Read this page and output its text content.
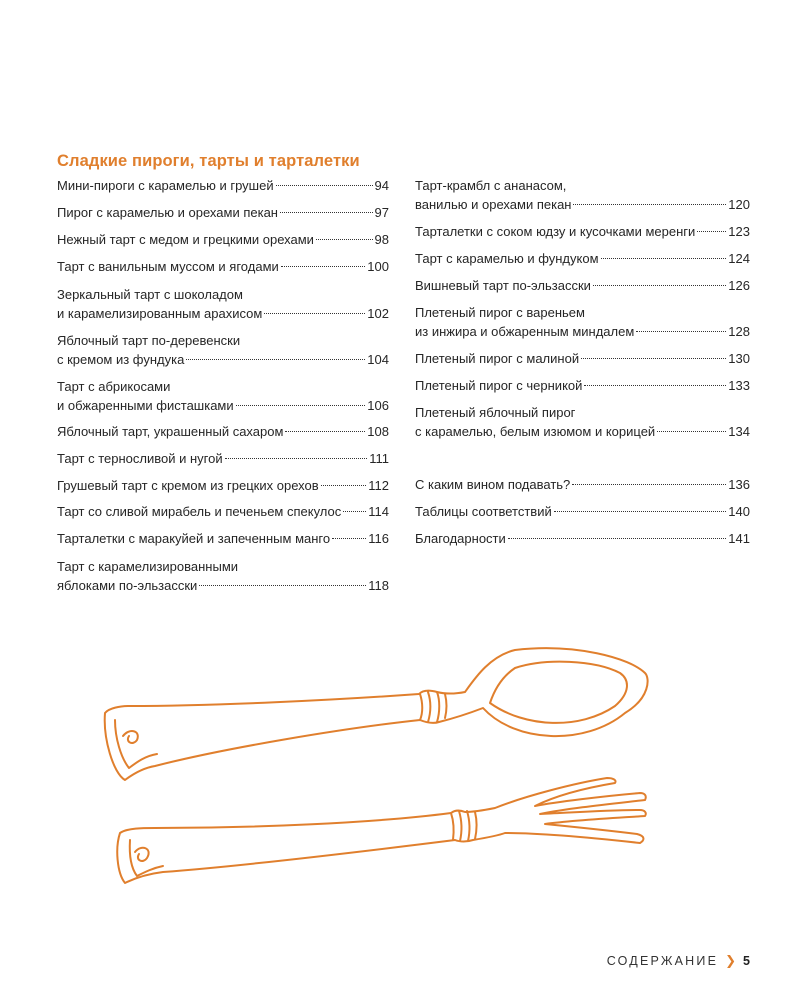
Сладкие пироги, тарты и тарталетки
Мини-пироги с карамелью и грушей	94
Пирог с карамелью и орехами пекан	97
Нежный тарт с медом и грецкими орехами	98
Тарт с ванильным муссом и ягодами	100
Зеркальный тарт с шоколадом
и карамелизированным арахисом	102
Яблочный тарт по-деревенски
с кремом из фундука	104
Тарт с абрикосами
и обжаренными фисташками	106
Яблочный тарт, украшенный сахаром	108
Тарт с терносливой и нугой	111
Грушевый тарт с кремом из грецких орехов	112
Тарт со сливой мирабель и печеньем спекулос 114
Тарталетки с маракуйей и запеченным манго	116
Тарт с карамелизированными
яблоками по-эльзасски	118
Тарт-крамбл с ананасом,
ванилью и орехами пекан	120
Тарталетки с соком юдзу и кусочками меренги	123
Тарт с карамелью и фундуком	124
Вишневый тарт по-эльзасски	126
Плетеный пирог с вареньем
из инжира и обжаренным миндалем	128
Плетеный пирог с малиной	130
Плетеный пирог с черникой	133
Плетеный яблочный пирог
с карамелью, белым изюмом и корицей	134
С каким вином подавать?	136
Таблицы соответствий	140
Благодарности	141
СОДЕРЖАНИЕ ❯ 5
